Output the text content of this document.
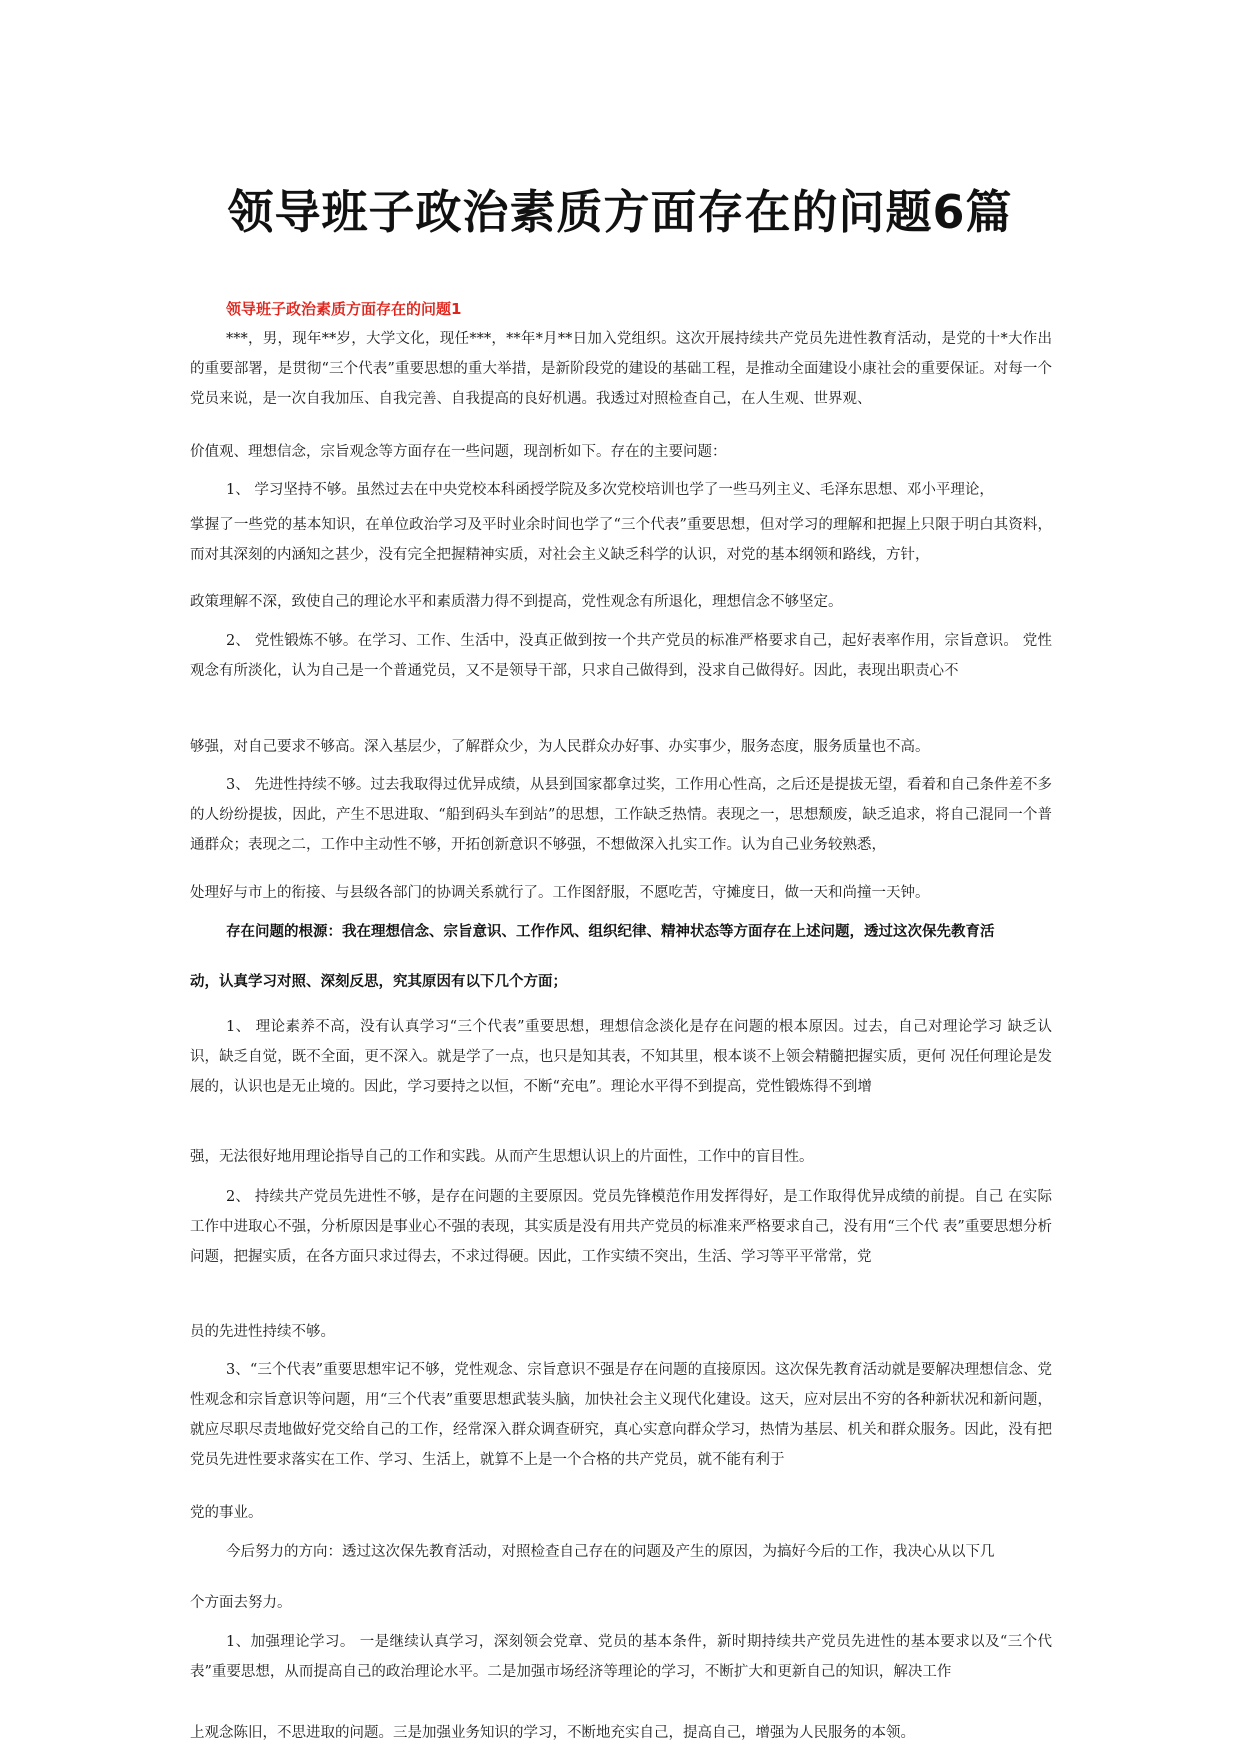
领导班子政治素质方面存在的问题6篇
领导班子政治素质方面存在的问题1
***，男，现年**岁，大学文化，现任***，**年*月**日加入党组织。这次开展持续共产党员先进性教育活动，是党的十*大作出的重要部署，是贯彻“三个代表”重要思想的重大举措，是新阶段党的建设的基础工程，是推动全面建设小康社会的重要保证。对每一个党员来说，是一次自我加压、自我完善、自我提高的良好机遇。我透过对照检查自己，在人生观、世界观、
价值观、理想信念，宗旨观念等方面存在一些问题，现剖析如下。存在的主要问题：
1、 学习坚持不够。虽然过去在中央党校本科函授学院及多次党校培训也学了一些马列主义、毛泽东思想、邓小平理论，
掌握了一些党的基本知识，在单位政治学习及平时业余时间也学了“三个代表”重要思想，但对学习的理解和把握上只限于明白其资料，而对其深刻的内涵知之甚少，没有完全把握精神实质，对社会主义缺乏科学的认识，对党的基本纲领和路线，方针，
政策理解不深，致使自己的理论水平和素质潜力得不到提高，党性观念有所退化，理想信念不够坚定。
2、 党性锻炼不够。在学习、工作、生活中，没真正做到按一个共产党员的标准严格要求自己，起好表率作用，宗旨意识。 党性观念有所淡化，认为自己是一个普通党员，又不是领导干部，只求自己做得到，没求自己做得好。因此，表现出职责心不
够强，对自己要求不够高。深入基层少，了解群众少，为人民群众办好事、办实事少，服务态度，服务质量也不高。
3、 先进性持续不够。过去我取得过优异成绩，从县到国家都拿过奖，工作用心性高，之后还是提拔无望，看着和自己条件差不多的人纷纷提拔，因此，产生不思进取、“船到码头车到站”的思想，工作缺乏热情。表现之一，思想颓废，缺乏追求，将自己混同一个普通群众；表现之二，工作中主动性不够，开拓创新意识不够强，不想做深入扎实工作。认为自己业务较熟悉，
处理好与市上的衔接、与县级各部门的协调关系就行了。工作图舒服，不愿吃苦，守摊度日，做一天和尚撞一天钟。
存在问题的根源：我在理想信念、宗旨意识、工作作风、组织纪律、精神状态等方面存在上述问题，透过这次保先教育活
动，认真学习对照、深刻反思，究其原因有以下几个方面；
1、 理论素养不高，没有认真学习“三个代表”重要思想，理想信念淡化是存在问题的根本原因。过去，自己对理论学习 缺乏认识，缺乏自觉，既不全面，更不深入。就是学了一点，也只是知其表，不知其里，根本谈不上领会精髓把握实质，更何 况任何理论是发展的，认识也是无止境的。因此，学习要持之以恒，不断“充电”。理论水平得不到提高，党性锻炼得不到增
强，无法很好地用理论指导自己的工作和实践。从而产生思想认识上的片面性，工作中的盲目性。
2、 持续共产党员先进性不够，是存在问题的主要原因。党员先锋模范作用发挥得好，是工作取得优异成绩的前提。自己 在实际工作中进取心不强，分析原因是事业心不强的表现，其实质是没有用共产党员的标准来严格要求自己，没有用“三个代 表”重要思想分析问题，把握实质，在各方面只求过得去，不求过得硬。因此，工作实绩不突出，生活、学习等平平常常，党
员的先进性持续不够。
3、“三个代表”重要思想牢记不够，党性观念、宗旨意识不强是存在问题的直接原因。这次保先教育活动就是要解决理想信念、党性观念和宗旨意识等问题，用“三个代表”重要思想武装头脑，加快社会主义现代化建设。这天，应对层出不穷的各种新状况和新问题，就应尽职尽责地做好党交给自己的工作，经常深入群众调查研究，真心实意向群众学习，热情为基层、机关和群众服务。因此，没有把党员先进性要求落实在工作、学习、生活上，就算不上是一个合格的共产党员，就不能有利于
党的事业。
今后努力的方向：透过这次保先教育活动，对照检查自己存在的问题及产生的原因，为搞好今后的工作，我决心从以下几
个方面去努力。
1、加强理论学习。 一是继续认真学习，深刻领会党章、党员的基本条件，新时期持续共产党员先进性的基本要求以及“三个代表”重要思想，从而提高自己的政治理论水平。二是加强市场经济等理论的学习，不断扩大和更新自己的知识，解决工作
上观念陈旧，不思进取的问题。三是加强业务知识的学习，不断地充实自己，提高自己，增强为人民服务的本领。
